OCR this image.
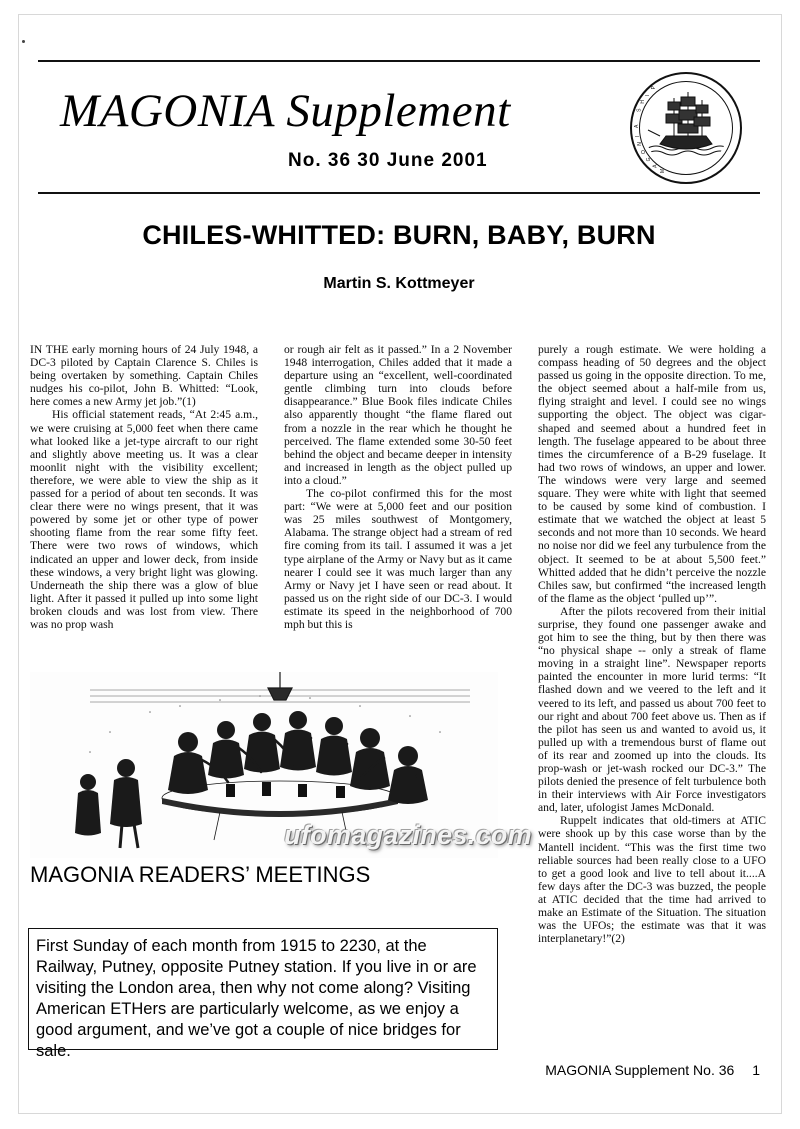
MAGONIA Supplement
No. 36 30 June 2001	M
A
G
O
N
I
A
S
H
I
P
CHILES-WHITTED: BURN, BABY, BURN
Martin S. Kottmeyer

IN THE early morning hours of 24 July 1948, a DC-3 piloted by Captain Clarence S. Chiles is being overtaken by something. Captain Chiles nudges his co-pilot, John B. Whitted: “Look, here comes a new Army jet job.”(1)

His official statement reads, “At 2:45 a.m., we were cruising at 5,000 feet when there came what looked like a jet-type aircraft to our right and slightly above meeting us. It was a clear moonlit night with the visibility excellent; therefore, we were able to view the ship as it passed for a period of about ten seconds. It was clear there were no wings present, that it was powered by some jet or other type of power shooting flame from the rear some fifty feet. There were two rows of windows, which indicated an upper and lower deck, from inside these windows, a very bright light was glowing. Underneath the ship there was a glow of blue light. After it passed it pulled up into some light broken clouds and was lost from view. There was no prop wash

or rough air felt as it passed.” In a 2 November 1948 interrogation, Chiles added that it made a departure using an “excellent, well-coordinated gentle climbing turn into clouds before disappearance.” Blue Book files indicate Chiles also apparently thought “the flame flared out from a nozzle in the rear which he thought he perceived. The flame extended some 30-50 feet behind the object and became deeper in intensity and increased in length as the object pulled up into a cloud.”

The co-pilot confirmed this for the most part: “We were at 5,000 feet and our position was 25 miles southwest of Montgomery, Alabama. The strange object had a stream of red fire coming from its tail. I assumed it was a jet type airplane of the Army or Navy but as it came nearer I could see it was much larger than any Army or Navy jet I have seen or read about. It passed us on the right side of our DC-3. I would estimate its speed in the neighborhood of 700 mph but this is

purely a rough estimate. We were holding a compass heading of 50 degrees and the object passed us going in the opposite direction. To me, the object seemed about a half-mile from us, flying straight and level. I could see no wings supporting the object. The object was cigar-shaped and seemed about a hundred feet in length. The fuselage appeared to be about three times the circumference of a B-29 fuselage. It had two rows of windows, an upper and lower. The windows were very large and seemed square. They were white with light that seemed to be caused by some kind of combustion. I estimate that we watched the object at least 5 seconds and not more than 10 seconds. We heard no noise nor did we feel any turbulence from the object. It seemed to be at about 5,500 feet.” Whitted added that he didn’t perceive the nozzle Chiles saw, but confirmed “the increased length of the flame as the object ‘pulled up’”.

After the pilots recovered from their initial surprise, they found one passenger awake and got him to see the thing, but by then there was “no physical shape -- only a streak of flame moving in a straight line”. Newspaper reports painted the encounter in more lurid terms: “It flashed down and we veered to the left and it veered to its left, and passed us about 700 feet to our right and about 700 feet above us. Then as if the pilot has seen us and wanted to avoid us, it pulled up with a tremendous burst of flame out of its rear and zoomed up into the clouds. Its prop-wash or jet-wash rocked our DC-3.” The pilots denied the presence of felt turbulence both in their interviews with Air Force investigators and, later, ufologist James McDonald.

Ruppelt indicates that old-timers at ATIC were shook up by this case worse than by the Mantell incident. “This was the first time two reliable sources had been really close to a UFO to get a good look and live to tell about it....A few days after the DC-3 was buzzed, the people at ATIC decided that the time had arrived to make an Estimate of the Situation. The situation was the UFOs; the estimate was that it was interplanetary!”(2)

ufomagazines.com
MAGONIA READERS’ MEETINGS
First Sunday of each month from 1915 to 2230, at the Railway, Putney, opposite Putney station. If you live in or are visiting the London area, then why not come along? Visiting American ETHers are particularly welcome, as we enjoy a good argument, and we’ve got a couple of nice bridges for sale.
MAGONIA Supplement No. 36 1
